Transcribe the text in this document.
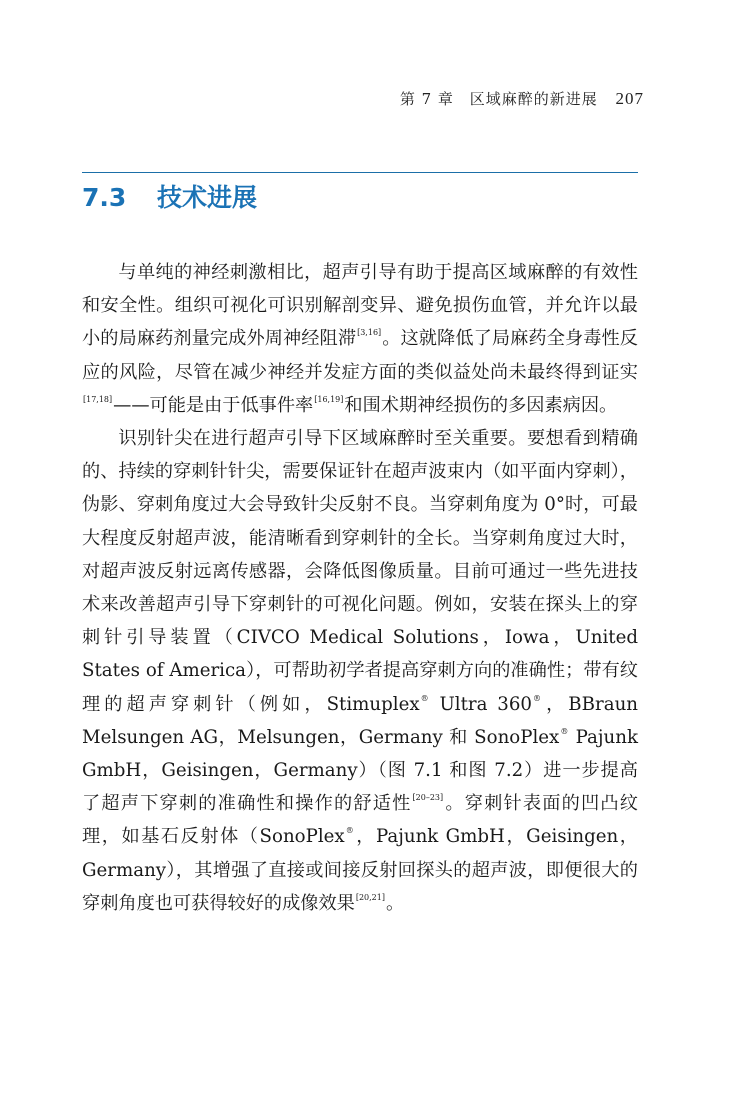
第 7 章 区域麻醉的新进展 207
7.3 技术进展

与单纯的神经刺激相比，超声引导有助于提高区域麻醉的有效性和安全性。组织可视化可识别解剖变异、避免损伤血管，并允许以最小的局麻药剂量完成外周神经阻滞[3,16]。这就降低了局麻药全身毒性反应的风险，尽管在减少神经并发症方面的类似益处尚未最终得到证实[17,18]——可能是由于低事件率[16,19]和围术期神经损伤的多因素病因。

识别针尖在进行超声引导下区域麻醉时至关重要。要想看到精确的、持续的穿刺针针尖，需要保证针在超声波束内（如平面内穿刺），伪影、穿刺角度过大会导致针尖反射不良。当穿刺角度为 0°时，可最大程度反射超声波，能清晰看到穿刺针的全长。当穿刺角度过大时，对超声波反射远离传感器，会降低图像质量。目前可通过一些先进技术来改善超声引导下穿刺针的可视化问题。例如，安装在探头上的穿刺针引导装置（CIVCO Medical Solutions，Iowa，United States of America），可帮助初学者提高穿刺方向的准确性；带有纹理的超声穿刺针（例如，Stimuplex® Ultra 360®，BBraun Melsungen AG，Melsungen，Germany 和 SonoPlex® Pajunk GmbH，Geisingen，Germany）（图 7.1 和图 7.2）进一步提高了超声下穿刺的准确性和操作的舒适性[20–23]。穿刺针表面的凹凸纹理，如基石反射体（SonoPlex®，Pajunk GmbH，Geisingen，Germany），其增强了直接或间接反射回探头的超声波，即便很大的穿刺角度也可获得较好的成像效果[20,21]。
